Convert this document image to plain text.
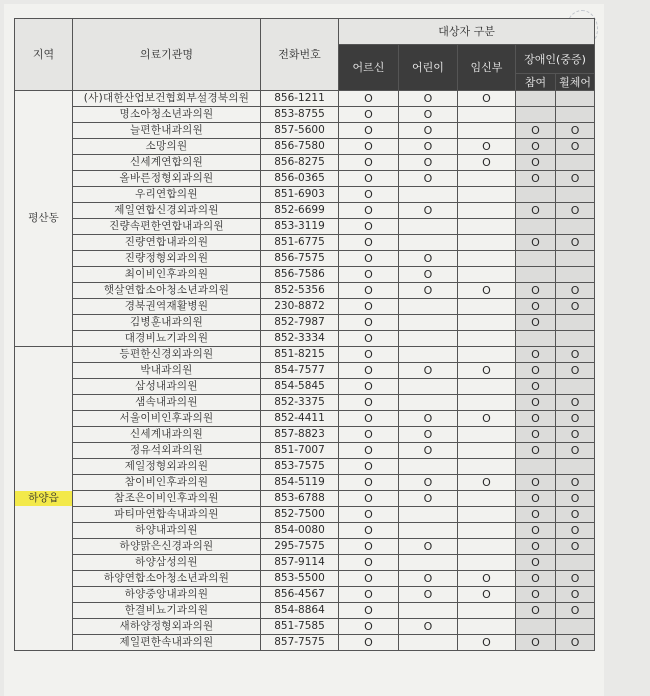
지역	의료기관명	전화번호	대상자 구분				
			어르신	어린이	임신부	장애인(중증)	
						참여	휠체어

평산동	(사)대한산업보건협회부설경북의원	856-1211	O	O	O		
	명소아청소년과의원	853-8755	O	O			
	늘편한내과의원	857-5600	O	O		O	O
	소망의원	856-7580	O	O	O	O	O
	신세계연합의원	856-8275	O	O	O	O	
	올바른정형외과의원	856-0365	O	O		O	O
	우리연합의원	851-6903	O				
	제일연합신경외과의원	852-6699	O	O		O	O
	진량속편한연합내과의원	853-3119	O				
	진량연합내과의원	851-6775	O			O	O
	진량정형외과의원	856-7575	O	O			
	최이비인후과의원	856-7586	O	O			
	햇살연합소아청소년과의원	852-5356	O	O	O	O	O
	경북권역재활병원	230-8872	O			O	O
	김병훈내과의원	852-7987	O			O	
	대경비뇨기과의원	852-3334	O				

하양읍	등편한신경외과의원	851-8215	O			O	O
	박내과의원	854-7577	O	O	O	O	O
	삼성내과의원	854-5845	O			O	
	샘속내과의원	852-3375	O			O	O
	서울이비인후과의원	852-4411	O	O	O	O	O
	신세계내과의원	857-8823	O	O		O	O
	정유석외과의원	851-7007	O	O		O	O
	제일정형외과의원	853-7575	O				
	참이비인후과의원	854-5119	O	O	O	O	O
	참조은이비인후과의원	853-6788	O	O		O	O
	파티마연합속내과의원	852-7500	O			O	O
	하양내과의원	854-0080	O			O	O
	하양맑은신경과의원	295-7575	O	O		O	O
	하양삼성의원	857-9114	O			O	
	하양연합소아청소년과의원	853-5500	O	O	O	O	O
	하양중앙내과의원	856-4567	O	O	O	O	O
	한결비뇨기과의원	854-8864	O			O	O
	새하양정형외과의원	851-7585	O	O			
	제일편한속내과의원	857-7575	O		O	O	O
